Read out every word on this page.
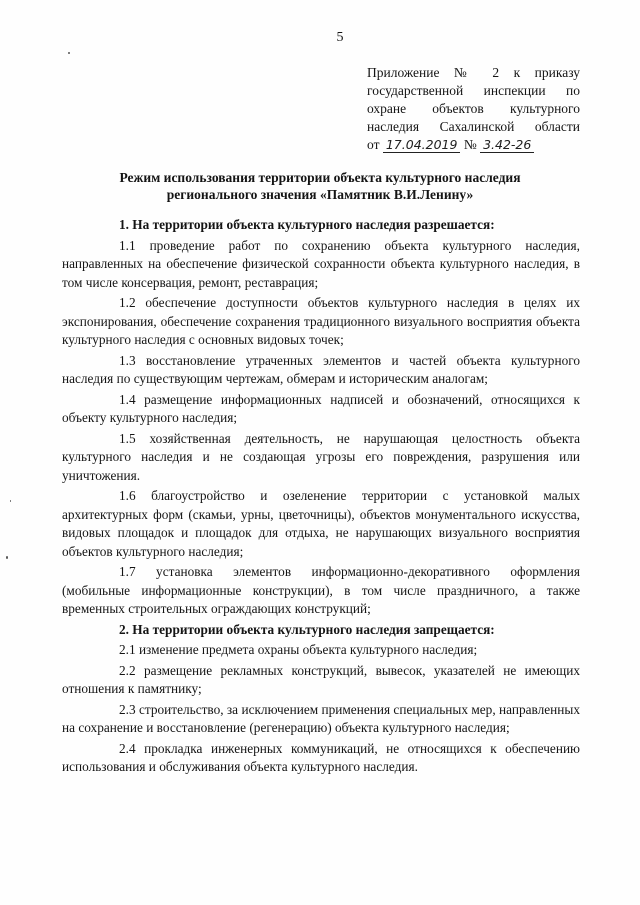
5
Приложение № 2 к приказу
государственной инспекции по
охране объектов культурного
наследия Сахалинской области
от 17.04.2019 № 3.42-26
Режим использования территории объекта культурного наследия
регионального значения «Памятник В.И.Ленину»

1. На территории объекта культурного наследия разрешается:

1.1 проведение работ по сохранению объекта культурного наследия, направленных на обеспечение физической сохранности объекта культурного наследия, в том числе консервация, ремонт, реставрация;

1.2 обеспечение доступности объектов культурного наследия в целях их экспонирования, обеспечение сохранения традиционного визуального восприятия объекта культурного наследия с основных видовых точек;

1.3 восстановление утраченных элементов и частей объекта культурного наследия по существующим чертежам, обмерам и историческим аналогам;

1.4 размещение информационных надписей и обозначений, относящихся к объекту культурного наследия;

1.5 хозяйственная деятельность, не нарушающая целостность объекта культурного наследия и не создающая угрозы его повреждения, разрушения или уничтожения.

1.6 благоустройство и озеленение территории с установкой малых архитектурных форм (скамьи, урны, цветочницы), объектов монументального искусства, видовых площадок и площадок для отдыха, не нарушающих визуального восприятия объектов культурного наследия;

1.7 установка элементов информационно-декоративного оформления (мобильные информационные конструкции), в том числе праздничного, а также временных строительных ограждающих конструкций;

2. На территории объекта культурного наследия запрещается:

2.1 изменение предмета охраны объекта культурного наследия;

2.2 размещение рекламных конструкций, вывесок, указателей не имеющих отношения к памятнику;

2.3 строительство, за исключением применения специальных мер, направленных на сохранение и восстановление (регенерацию) объекта культурного наследия;

2.4 прокладка инженерных коммуникаций, не относящихся к обеспечению использования и обслуживания объекта культурного наследия.
